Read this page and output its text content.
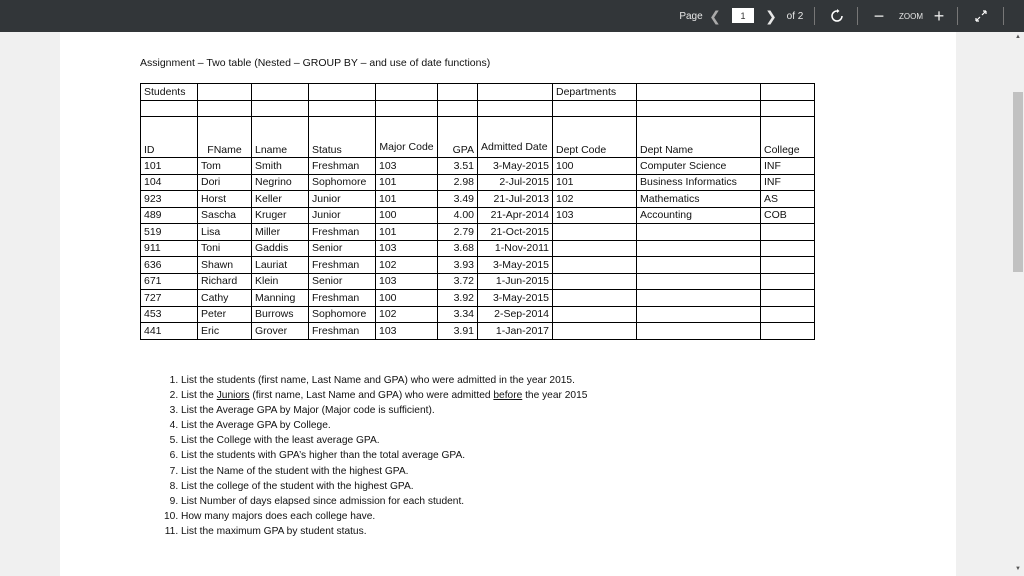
Page ❮
1	❯ of 2	−	ZOOM +
▲
▼
Assignment – Two table (Nested – GROUP BY – and use of date functions)
Students							Departments		

ID	FName	Lname	Status	Major Code	GPA	Admitted Date	Dept Code	Dept Name	College
101	Tom	Smith	Freshman	103	3.51	3-May-2015	100	Computer Science	INF
104	Dori	Negrino	Sophomore	101	2.98	2-Jul-2015	101	Business Informatics	INF
923	Horst	Keller	Junior	101	3.49	21-Jul-2013	102	Mathematics	AS
489	Sascha	Kruger	Junior	100	4.00	21-Apr-2014	103	Accounting	COB
519	Lisa	Miller	Freshman	101	2.79	21-Oct-2015			
911	Toni	Gaddis	Senior	103	3.68	1-Nov-2011			
636	Shawn	Lauriat	Freshman	102	3.93	3-May-2015			
671	Richard	Klein	Senior	103	3.72	1-Jun-2015			
727	Cathy	Manning	Freshman	100	3.92	3-May-2015			
453	Peter	Burrows	Sophomore	102	3.34	2-Sep-2014			
441	Eric	Grover	Freshman	103	3.91	1-Jan-2017			
1. List the students (first name, Last Name and GPA) who were admitted in the year 2015.
2. List the Juniors (first name, Last Name and GPA) who were admitted before the year 2015
3. List the Average GPA by Major (Major code is sufficient).
4. List the Average GPA by College.
5. List the College with the least average GPA.
6. List the students with GPA’s higher than the total average GPA.
7. List the Name of the student with the highest GPA.
8. List the college of the student with the highest GPA.
9. List Number of days elapsed since admission for each student.
10. How many majors does each college have.
11. List the maximum GPA by student status.
